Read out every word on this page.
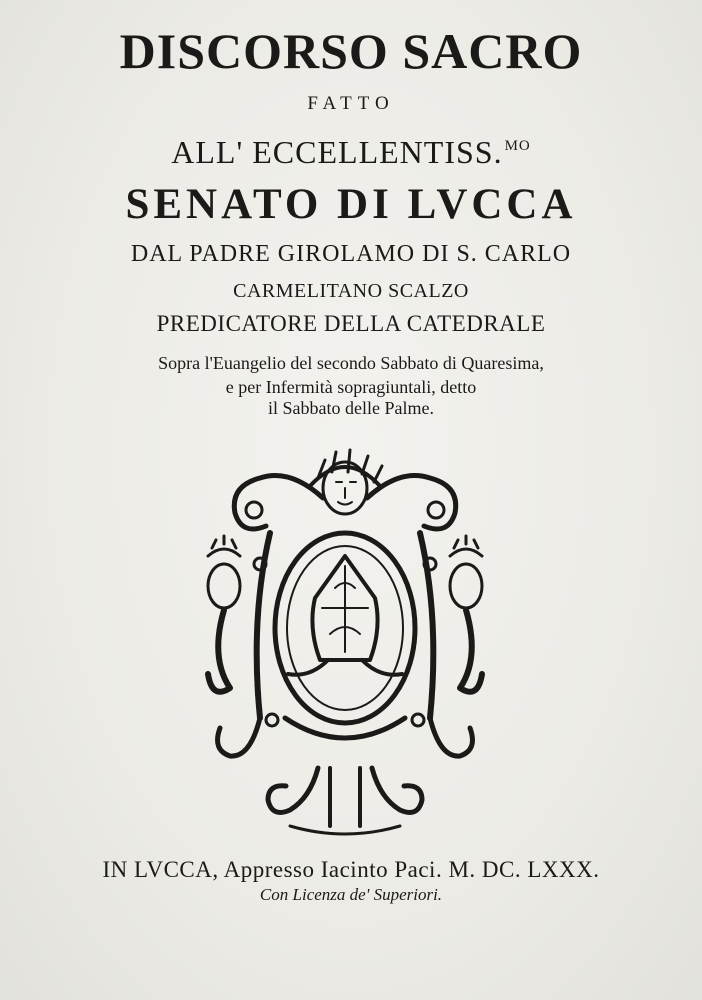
DISCORSO SACRO
FATTO
ALL' ECCELLENTISS. $^{MO}$
SENATO DI LVCCA
DAL PADRE GIROLAMO DI S. CARLO
CARMELITANO SCALZO
PREDICATORE DELLA CATEDRALE
Sopra l'Euangelio del secondo Sabbato di Quaresima,
e per Infermità sopragiuntali, detto
il Sabbato delle Palme.
IN LVCCA, Appresso Iacinto Paci. M. DC. LXXX.
Con Licenza de' Superiori.
